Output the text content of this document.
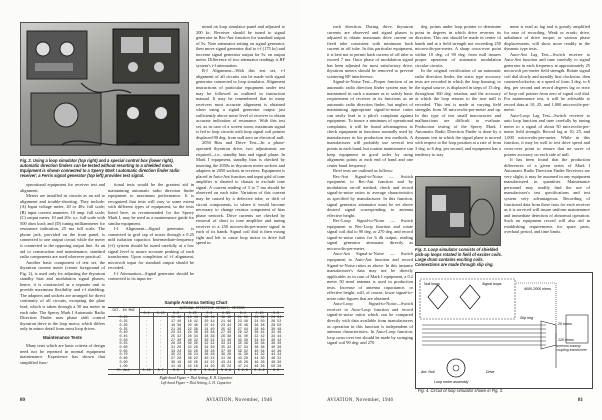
Fig. 2. Using a loop simulator (top right) and a special control box (lower right), automatic direction finders can be tested without resorting to a shielded room. Equipment is shown connected to a Sperry Mark I automatic direction finder radio receiver; a Ferris signal generator (top left) provides test signal.

operational equipment for receiver test and alignment.

Meters are installed in circuits as an aid to alignment and trouble-shooting. They include: (A) Input voltage meter, 20 or 40v. full scale; (B) input current ammeter, 10 amp. full scale; (C) output meter, 10 and 20v. a.c. full scale with 500 ohm load; and (D) tuning milliammeter for resonance indication, 25 ma full scale. The phone jack, provided on the front panel, is connected to one output circuit while the meter is connected to the opposing output line. As an aid to construction and maintenance, standard radio components are used wherever practical.

Another basic component of test set, the thyratron current meter (center foreground of Fig. 2), is used only for adjusting the thyratron standby bias and modulation signal phases; hence, it is constructed as a separate unit to provide maximum flexibility and r-f shielding. The adapters and sockets are arranged for direct continuity of all circuits, excepting the plate lead, which is taken through a 50 ma meter in each tube. The Sperry Mark I Automatic Radio Direction Finder uses phase shift control thyratron drive to the loop motor, which differs only in minor detail from most loop drives.

Maintenance Tests

Many tests which are basic criteria of design need not be repeated in normal equipment maintenance. Experience has shown that simplified func-

tional tests would be the greatest aid in maintaining automatic radio direction finder equipment to maximum performance. It is recognized that tests will vary to some extent with different types of equipment; so the tests listed here, as recommended for the Sperry Mark I, may be used as a maintenance guide for similar equipment.

I-f Alignment—Signal generator is connected to grid cap of mixer through a 0.25 mfd isolation capacitor. Intermediate-frequency (i-f) system should be tuned carefully at a low signal level to assure accurate peaking of each transformer. Upon completion of i-f alignment, microvolt input for standard output should be recorded.

I-f Attenuation—Signal generator should be connected to its input ter-

minal on loop simulator panel and adjusted to 200 kc. Receiver should be tuned to signal generator in Rec-Ant function for standard output of 5v. Note attenuator setting on signal generator, then move signal generator dial to i-f (175 kc) and increase signal generator output for 5v. on output meter. Difference of two attenuator readings is RF system's i-f attenuation.

R-f Alignment—With this test set, r-f alignment of all circuits can be made with signal generator connected to loop simulator. Alignment instructions of particular equipment under test may be followed as outlined in instruction manual. It may be remembered that in many receivers most accurate alignment is obtained when using a signal generator output just sufficiently above noise level of receiver to obtain accurate indication of resonance. With this test set, as in case of a screen room, maximum signal is fed to loop circuits with loop signal coil pointer displaced 90 deg. from null zero on electrical null.

2050 Bias and Drive Test—In a phase-operated thyratron drive, two adjustments are required—i.e., standby bias and signal phase. In Mark I equipment, standby bias is checked by inserting the 2050s in thyratron meter sockets and adapters in 2050 sockets in receiver. Equipment is placed in Auto-Ant function and input grid of tone amplifier is shorted to chassis to exclude tone signal. A current reading of 3 to 7 ma should be observed on each tube. Variation of this current may be caused by a defective tube, or drift of circuit components, to where it would become necessary to change resistor component of bias phase network. Drive currents are checked by removal of short to tone amplifier and tuning receiver to a 250 microvolts-per-meter signal in each of its bands. Signal coil dial is then swung right and left to cause loop motor to drive full speed in

Sample Antenna Setting Chart
CKT. IN MHZ	ANTENNA EFFECTIVE HEIGHT, METERS								
	0.1	0.15	0.2	0.25	0.3	0.35	0.4	0.45	0.5
0.20	·	·	15 42	16 44	18 46	19 48	21 50	22 52	24 54
0.25	·	·	17 40	18 42	20 44	21 46	23 48	24 50	26 52
0.30	·	·	19 38	20 40	22 42	23 44	25 46	26 48	28 50
0.35	·	·	21 36	22 38	24 40	25 42	27 44	28 46	30 48
0.40	·	·	23 34	24 36	26 38	27 40	29 42	30 44	32 46
0.45	·	·	25 32	26 34	28 36	29 38	31 40	32 42	34 44
0.50	·	·	27 30	28 32	30 34	31 36	33 38	34 40	36 42
0.55	·	·	29 28	30 30	32 32	33 34	35 36	36 38	38 40
0.60	·	·	31 26	32 28	34 30	35 32	37 34	38 36	40 38
0.65	·	·	33 24	34 26	36 28	37 30	39 32	40 34	42 36
0.70	·	·	35 22	36 24	38 26	39 28	41 30	42 32	44 34
0.80	·	·	37 20	38 22	40 24	41 26	43 28	44 30	46 32
0.90	·	·	39 18	40 20	42 22	43 24	45 26	46 28	48 30
1.00	·	·	41 16	42 18	44 20	45 22	47 24	48 26	50 28
M. Ant	5 10	5 7	5 5	5 4	5 3.8	5 2.9	5 2.5	5 2.2	5 2
Right-hand Figure = Dial Setting, R. H. Capacitor
Left-hand Figure = Dial Setting, L. H. Capacitor
80	AVIATION, November, 1946

each direction. During drive, thyratron currents are observed and signal phases is adjusted to obtain maximum drive current on fixed tube consistent with minimum back current in off tube. In this particular equipment, it is best not to permit back current of off tube to exceed 7 ma. Once phase of modulation signal has been adjusted for most satisfactory drive, thyratron meters should be removed to prevent scattering RF interference.

Signal-to-Noise Test—Proper function of an automatic radio direction finder system may be maintained in such a manner as to satisfy basic requirement of receiver in its functions as an automatic radio direction finder, but neglect of maintaining appropriate signal-to-noise ratios can easily lead to a pilot's complaint against equipment. To insure a minimum of operational complaints, it will be found advantageous to check equipment in functions normally used by manufacturer in his production test methods. A manufacturer will probably use several test points in each band, but routine maintenance can keep equipment in good order by using alignment points at each end of band and one center band frequency.

Brief tests are outlined as follows:

Rec-Ant Signal-to-Noise — Switch equipment to Rec-Ant function and by modulation on-off method, check and record signal-to-noise ratios to average characteristics as specified by manufacturer. In this function, signal generator attenuator must be set above desired signal corresponding to antenna effective height.

Rec-Loop Signal-to-Noise — Switch equipment to Rec-Loop function and rotate signal coil dial to 90 deg. or 270 deg. and record signal-to-noise ratios for 6 db output, reading signal generator attenuator directly as microvolts-per-meter.

Auto-Ant Signal-to-Noise — Switch equipment to Auto-Ant function and record Signal-to-Noise ratios as above. In this instance manufacturer's data may not be directly applicable; as in case of Mark I equipment, a 0.2 meter 50 mmf antenna is used in production tests. Increase of antenna capacitance, or effective height, will, of course, lower signal-to-noise ratio figures that are obtained.

Auto-Loop Signal-to-Noise—Switch receiver to Auto-Loop function and record signal-to-noise ratios which can be compared directly with data available from manufacturers as operation in this function is independent of antenna characteristics. In Auto-Loop function, loop cross-over test should be made by swinging signal coil 90 deg. and 270

deg. points under loop pointer to determine point in degrees in which drive reverses its direction. This test should be made in center of bands and at a field strength not exceeding 250 microvolts-per-meter. A sharp cross-over point within 10 deg. of 90 deg. from null insures proper operation of automatic modulation circular circuits.

In the original certification of an automatic radio direction finder, the static type accuracy tests are recorded in which the loop housing, or the signal source, is displaced in steps of 15 deg. throughout 360 deg. rotation, and the accuracy at which the loop returns to the true null is recorded. This test is made at varying field strengths from 50 microvolts-per-meter and up. In this type of test small inaccuracies and malfunctions are difficult to evaluate. Production testing of the Sperry Mark I Automatic Radio Direction Finder is done by a dynamic test in which the signal plane is moved with respect to the loop position at a rate of from 3 deg. to 6 deg. per second, and equipment has a tendency to stay

ment is read as lag and is greatly amplified for ease of recording. Weak or erratic drive, unbalance of drive torque, or various phase displacements, will show more readily in the dynamic type tests.

Auto-Ant Lag Test—Switch receiver to Auto-Ant function and tune carefully to signal generator in each frequency at approximately 25 microvolt per-meter field strength. Rotate signal coil dial slowly and steadily first clockwise, then counterclockwise, at a speed of from 3 deg. to 6 deg. per second and record degrees lag or error of loop coil pointer from zero of signal coil dial. For maintenance test, it will be advisable to record data at 10, 25, and 1,000 microvolts-per-meter.

Auto-Loop Lag Test—Switch receiver to auto loop function and tune carefully by tuning meter to a signal of about 50 microvolts-per-meter field strength. Record lag at 10, 25, and 1,000 microvolts-per-meter. While in this function, it may be well to test drive speed and cross-over point to ensure that no wave of pointer accuracy on each side of null.

It has been found that the production differences of a given series of Mark I Automatic Radio Direction Finder Receivers are very slight; it may be assumed in any equipment manufactured in quantities. Maintenance personnel may readily find the use of manufacturer's test specifications and test system very advantageous. Recording of functional data from these tests for each receiver as it is serviced will insure uniform maintenance and immediate detection of abnormal operation. Such an equipment record will also aid in establishing requirements for spare parts, overhaul period, and time limits.

Fig. 3. Loop simulator consists of shielded pick-up loops rotated in field of exciter coils. Large drum contains exciting coils. Connections are made through slip ring.
Null loops	Signal loops
4000-2000 ohms
Ant. Null	Drive
Loop motor assembly
Slip ring
20 ohms
120 ohms
Antenna loading coupling transformer
Fig. 4. Circuit of loop simulator shown in Fig. 3.
AVIATION, November, 1946	81
